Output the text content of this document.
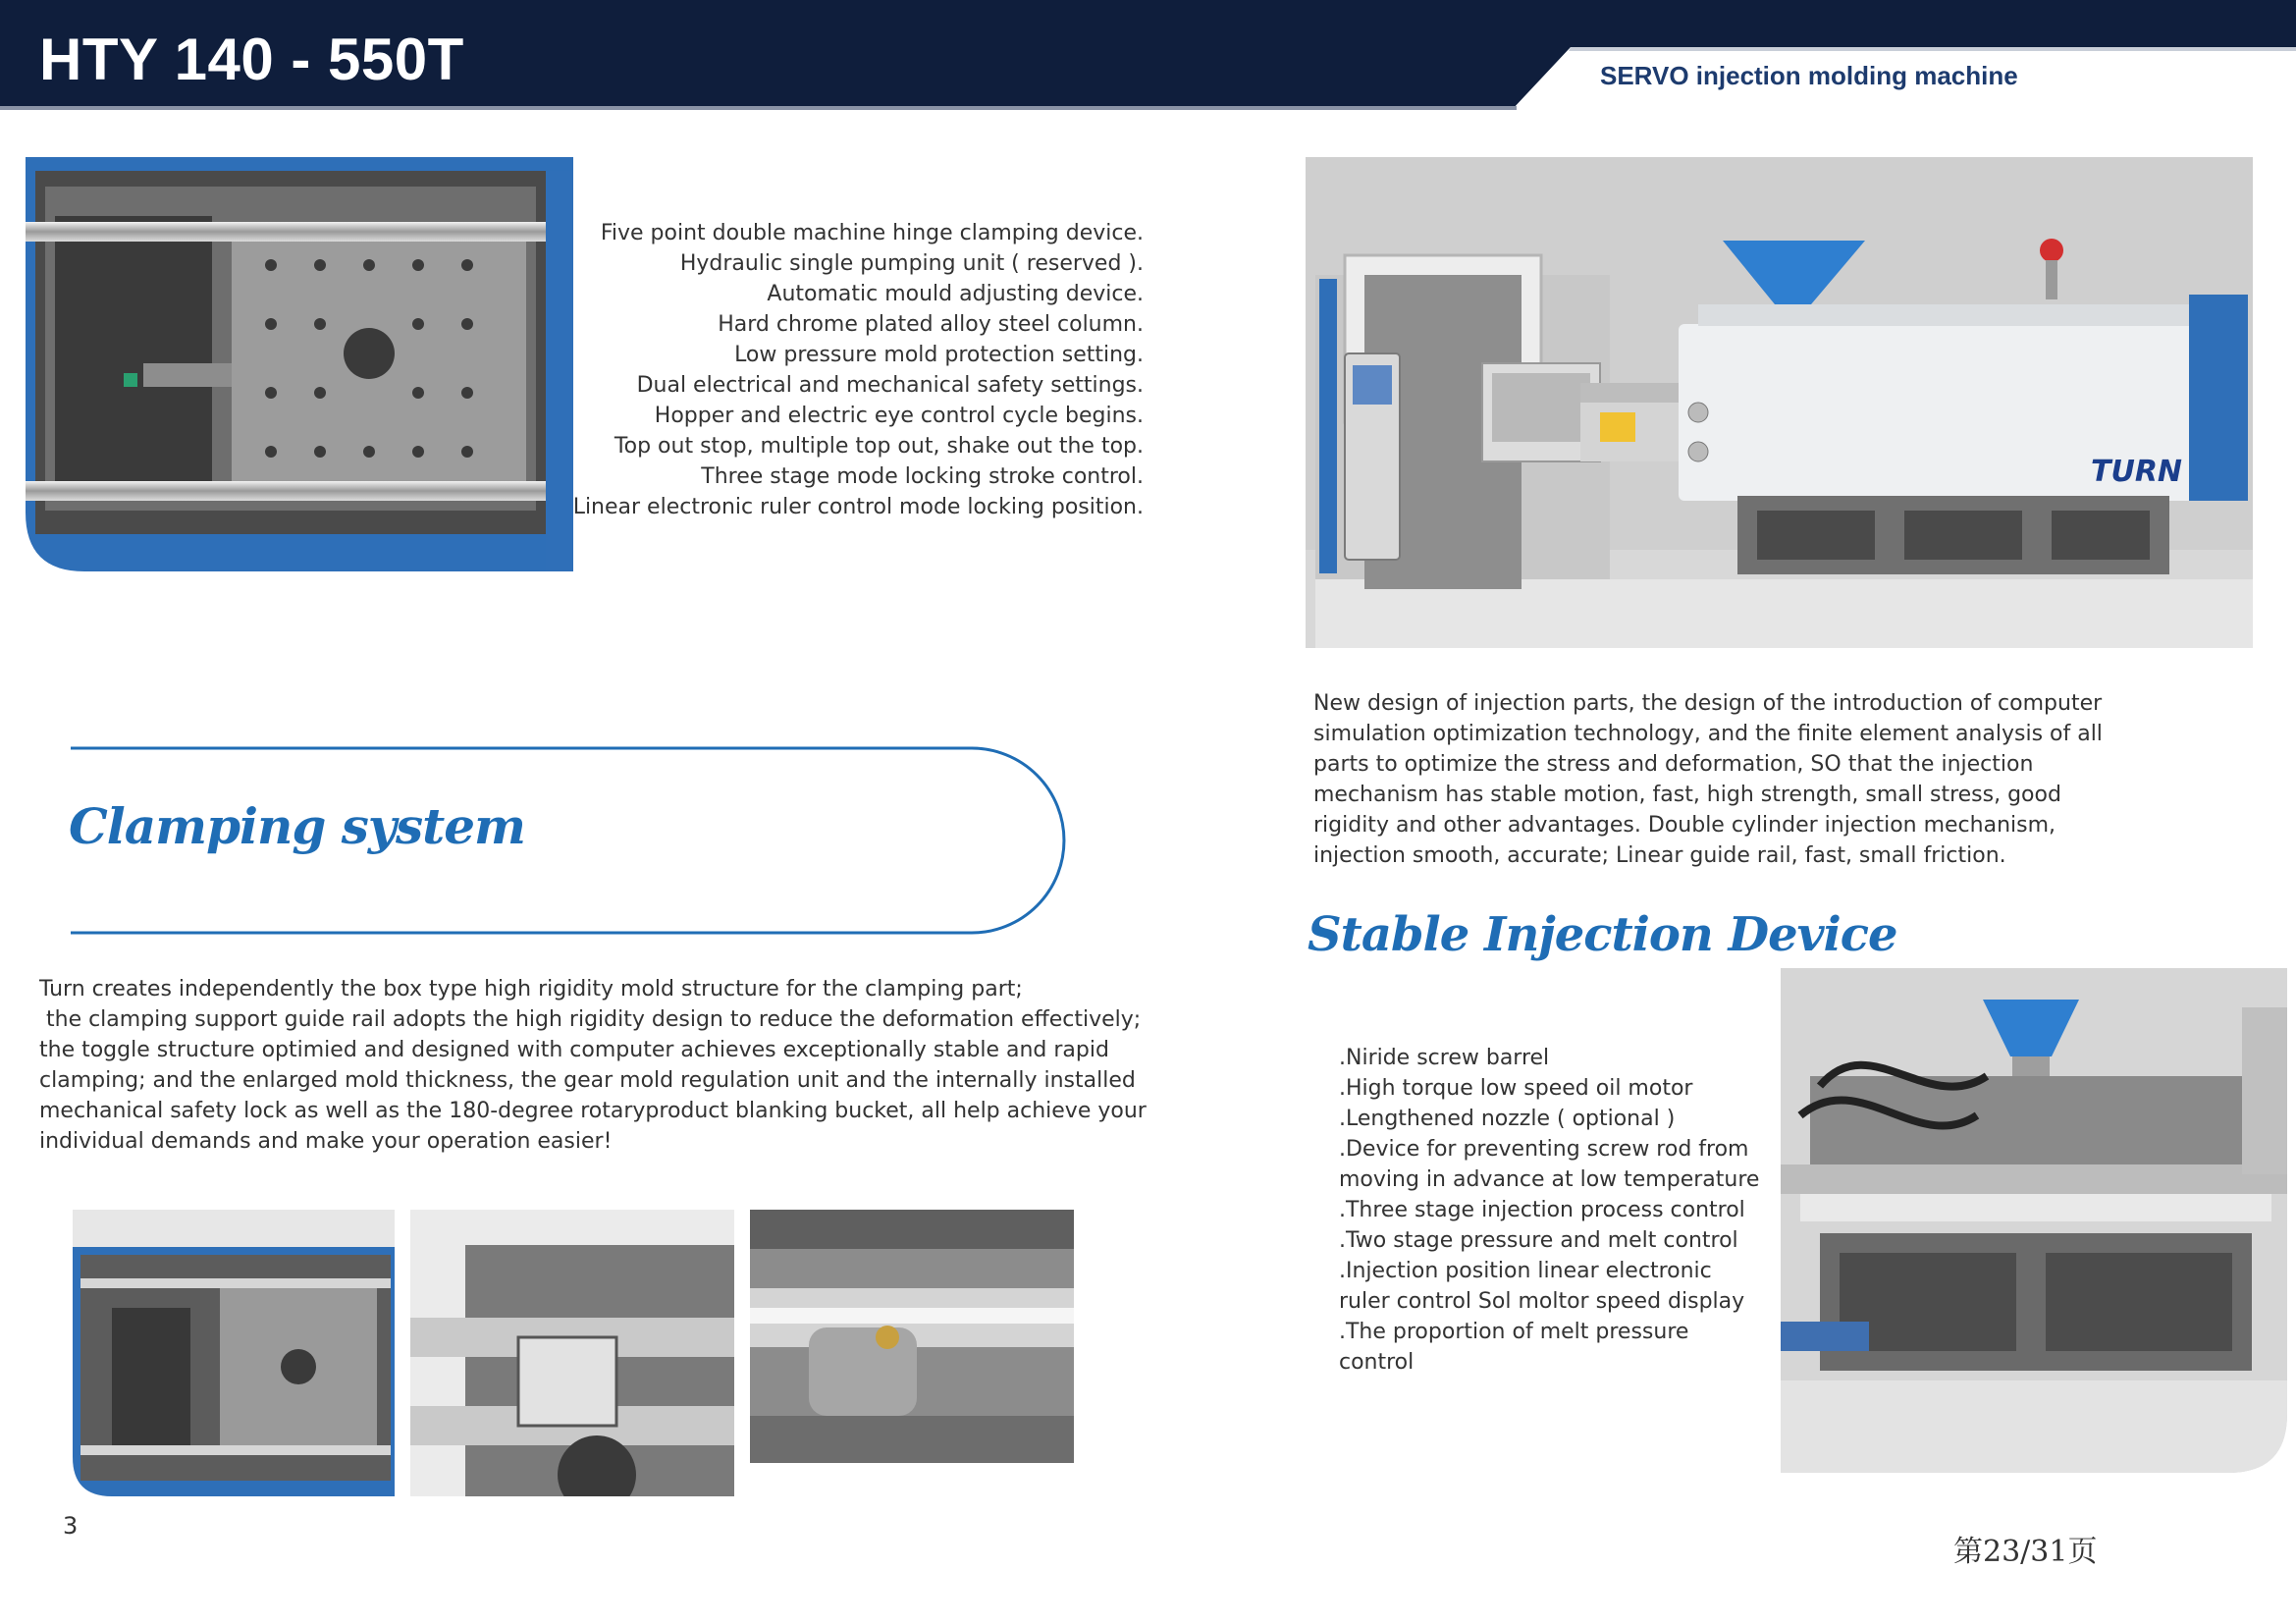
HTY 140 - 550T	SERVO injection molding machine
Five point double machine hinge clamping device.
Hydraulic single pumping unit ( reserved ).
Automatic mould adjusting device.
Hard chrome plated alloy steel column.
Low pressure mold protection setting.
Dual electrical and mechanical safety settings.
Hopper and electric eye control cycle begins.
Top out stop, multiple top out, shake out the top.
Three stage mode locking stroke control.
Linear electronic ruler control mode locking position.
TURN
Clamping system
Turn creates independently the box type high rigidity mold structure for the clamping part;
the clamping support guide rail adopts the high rigidity design to reduce the deformation effectively;
the toggle structure optimied and designed with computer achieves exceptionally stable and rapid
clamping; and the enlarged mold thickness, the gear mold regulation unit and the internally installed
mechanical safety lock as well as the 180-degree rotaryproduct blanking bucket, all help achieve your
individual demands and make your operation easier!
New design of injection parts, the design of the introduction of computer
simulation optimization technology, and the finite element analysis of all
parts to optimize the stress and deformation, SO that the injection
mechanism has stable motion, fast, high strength, small stress, good
rigidity and other advantages. Double cylinder injection mechanism,
injection smooth, accurate; Linear guide rail, fast, small friction.
Stable Injection Device
.Niride screw barrel
.High torque low speed oil motor
.Lengthened nozzle ( optional )
.Device for preventing screw rod from
moving in advance at low temperature
.Three stage injection process control
.Two stage pressure and melt control
.Injection position linear electronic
ruler control Sol moltor speed display
.The proportion of melt pressure
control
3
第23/31页
